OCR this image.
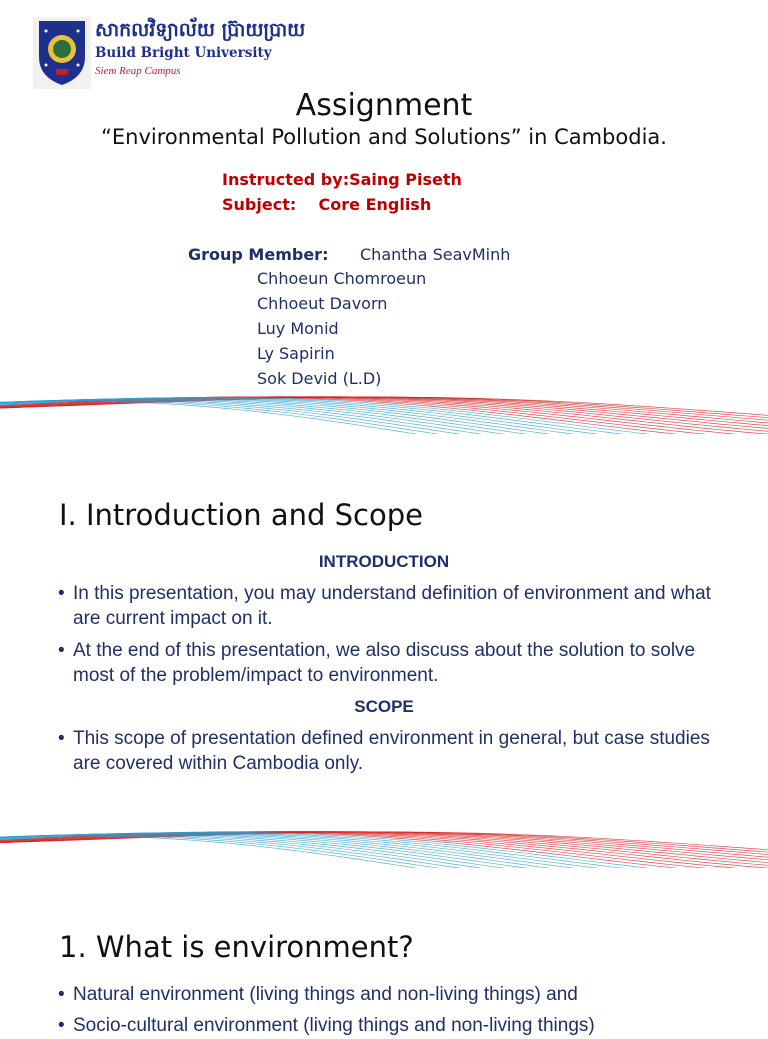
សាកលវិទ្យាល័យ ប៊្រាយប្រាយ
Build Bright University
Siem Reap Campus
Assignment
“Environmental Pollution and Solutions” in Cambodia.
Instructed by:Saing Piseth
Subject:    Core English
Group Member: Chantha SeavMinh
Chhoeun Chomroeun
Chhoeut Davorn
Luy Monid
Ly Sapirin
Sok Devid (L.D)
I. Introduction and Scope
INTRODUCTION
• In this presentation, you may understand definition of environment and what are current impact on it.
• At the end of this presentation, we also discuss about the solution to solve most of the problem/impact to environment.
SCOPE
• This scope of presentation defined environment in general, but case studies are covered within Cambodia only.
1. What is environment?
• Natural environment (living things and non-living things) and
• Socio-cultural environment (living things and non-living things)
